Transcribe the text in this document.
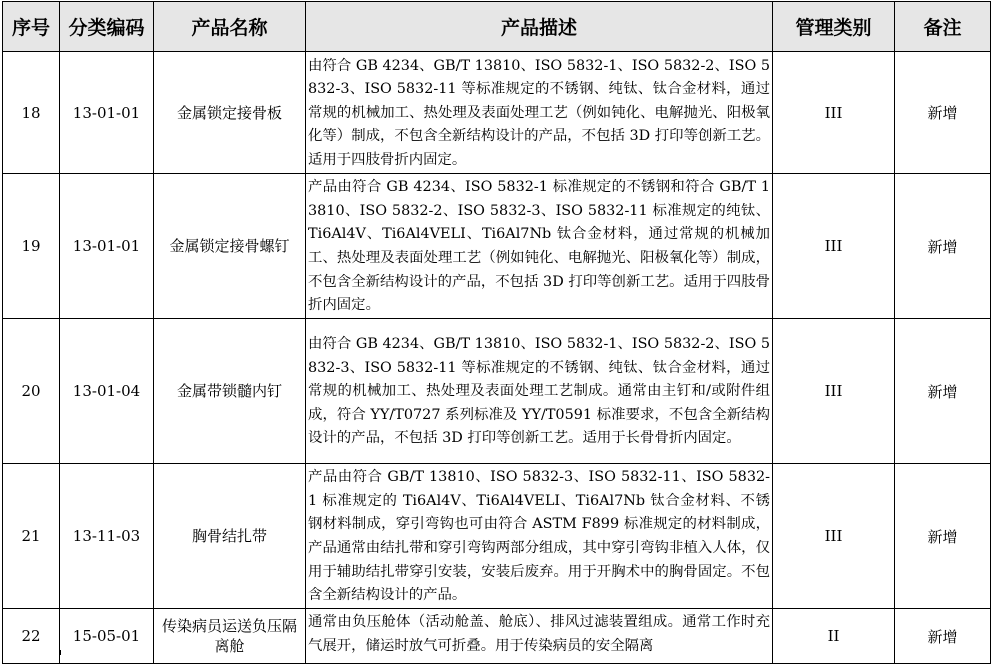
序号	分类编码	产品名称	产品描述	管理类别	备注
18	13-01-01	金属锁定接骨板	由符合 GB 4234、GB/T 13810、ISO 5832-1、ISO 5832-2、ISO 5832-3、ISO 5832-11 等标准规定的不锈钢、纯钛、钛合金材料，通过常规的机械加工、热处理及表面处理工艺（例如钝化、电解抛光、阳极氧化等）制成，不包含全新结构设计的产品，不包括 3D 打印等创新工艺。适用于四肢骨折内固定。	III	新增
19	13-01-01	金属锁定接骨螺钉	产品由符合 GB 4234、ISO 5832-1 标准规定的不锈钢和符合 GB/T 13810、ISO 5832-2、ISO 5832-3、ISO 5832-11 标准规定的纯钛、Ti6Al4V、Ti6Al4VELI、Ti6Al7Nb 钛合金材料，通过常规的机械加工、热处理及表面处理工艺（例如钝化、电解抛光、阳极氧化等）制成，不包含全新结构设计的产品，不包括 3D 打印等创新工艺。适用于四肢骨折内固定。	III	新增
20	13-01-04	金属带锁髓内钉	由符合 GB 4234、GB/T 13810、ISO 5832-1、ISO 5832-2、ISO 5832-3、ISO 5832-11 等标准规定的不锈钢、纯钛、钛合金材料，通过常规的机械加工、热处理及表面处理工艺制成。通常由主钉和/或附件组成，符合 YY/T0727 系列标准及 YY/T0591 标准要求，不包含全新结构设计的产品，不包括 3D 打印等创新工艺。适用于长骨骨折内固定。	III	新增
21	13-11-03	胸骨结扎带	产品由符合 GB/T 13810、ISO 5832-3、ISO 5832-11、ISO 5832-1 标准规定的 Ti6Al4V、Ti6Al4VELI、Ti6Al7Nb 钛合金材料、不锈钢材料制成，穿引弯钩也可由符合 ASTM F899 标准规定的材料制成，产品通常由结扎带和穿引弯钩两部分组成，其中穿引弯钩非植入人体，仅用于辅助结扎带穿引安装，安装后废弃。用于开胸术中的胸骨固定。不包含全新结构设计的产品。	III	新增
22	15-05-01	传染病员运送负压隔离舱	通常由负压舱体（活动舱盖、舱底）、排风过滤装置组成。通常工作时充气展开，储运时放气可折叠。用于传染病员的安全隔离	II	新增
